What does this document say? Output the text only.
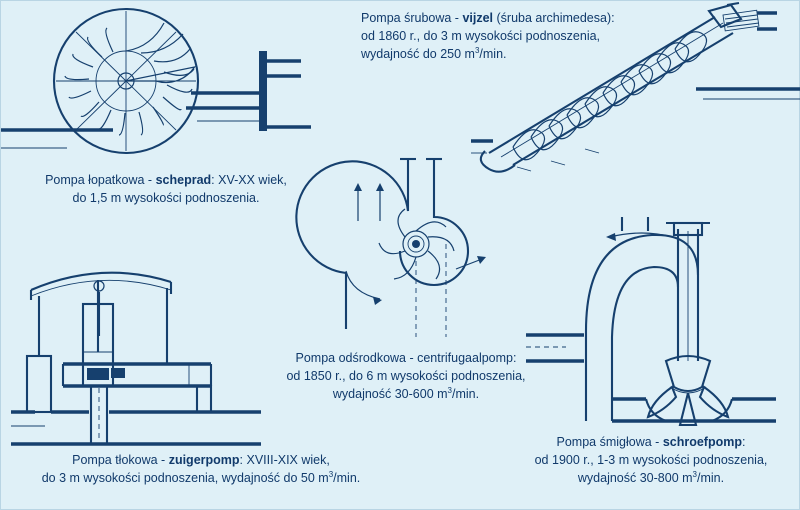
Pompa łopatkowa - scheprad: XV-XX wiek,
do 1,5 m wysokości podnoszenia.
Pompa śrubowa - vijzel (śruba archimedesa):
od 1860 r., do 3 m wysokości podnoszenia,
wydajność do 250 $m^3/\min$.
Pompa odśrodkowa - centrifugaalpomp:
od 1850 r., do 6 m wysokości podnoszenia,
wydajność 30-600 $m^3/\min$.
Pompa tłokowa - zuigerpomp: XVIII-XIX wiek,
do 3 m wysokości podnoszenia, wydajność do 50 $m^3/\min$.
Pompa śmigłowa - schroefpomp:
od 1900 r., 1-3 m wysokości podnoszenia,
wydajność 30-800 $m^3/\min$.
